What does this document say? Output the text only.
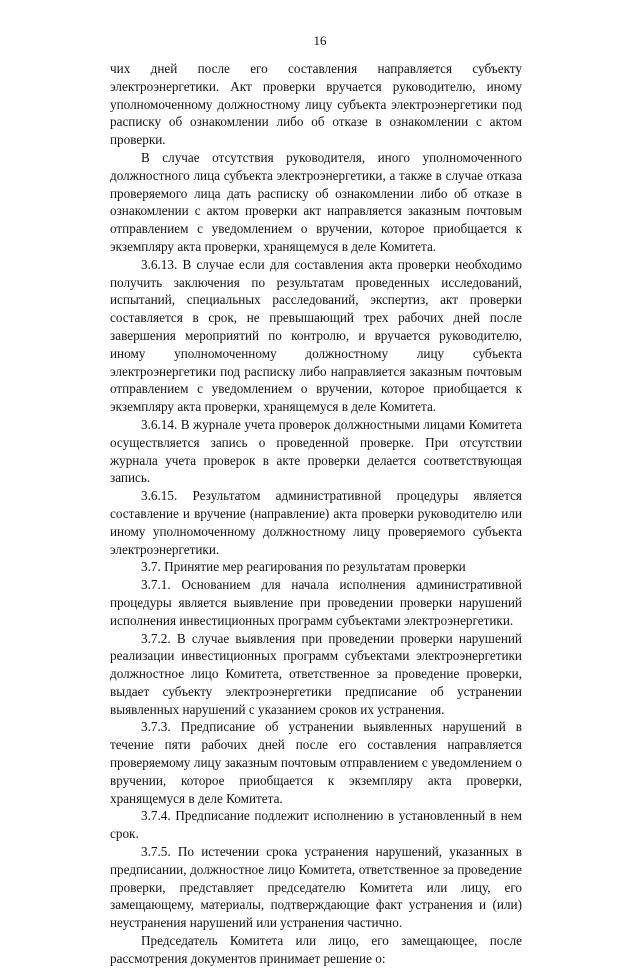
16

чих дней после его составления направляется субъекту электроэнергетики. Акт проверки вручается руководителю, иному уполномоченному должностному лицу субъекта электроэнергетики под расписку об ознакомлении либо об отказе в ознакомлении с актом проверки.

В случае отсутствия руководителя, иного уполномоченного должностного лица субъекта электроэнергетики, а также в случае отказа проверяемого лица дать расписку об ознакомлении либо об отказе в ознакомлении с актом проверки акт направляется заказным почтовым отправлением с уведомлением о вручении, которое приобщается к экземпляру акта проверки, хранящемуся в деле Комитета.

3.6.13. В случае если для составления акта проверки необходимо получить заключения по результатам проведенных исследований, испытаний, специальных расследований, экспертиз, акт проверки составляется в срок, не превышающий трех рабочих дней после завершения мероприятий по контролю, и вручается руководителю, иному уполномоченному должностному лицу субъекта электроэнергетики под расписку либо направляется заказным почтовым отправлением с уведомлением о вручении, которое приобщается к экземпляру акта проверки, хранящемуся в деле Комитета.

3.6.14. В журнале учета проверок должностными лицами Комитета осуществляется запись о проведенной проверке. При отсутствии журнала учета проверок в акте проверки делается соответствующая запись.

3.6.15. Результатом административной процедуры является составление и вручение (направление) акта проверки руководителю или иному уполномоченному должностному лицу проверяемого субъекта электроэнергетики.

3.7. Принятие мер реагирования по результатам проверки

3.7.1. Основанием для начала исполнения административной процедуры является выявление при проведении проверки нарушений исполнения инвестиционных программ субъектами электроэнергетики.

3.7.2. В случае выявления при проведении проверки нарушений реализации инвестиционных программ субъектами электроэнергетики должностное лицо Комитета, ответственное за проведение проверки, выдает субъекту электроэнергетики предписание об устранении выявленных нарушений с указанием сроков их устранения.

3.7.3. Предписание об устранении выявленных нарушений в течение пяти рабочих дней после его составления направляется проверяемому лицу заказным почтовым отправлением с уведомлением о вручении, которое приобщается к экземпляру акта проверки, хранящемуся в деле Комитета.

3.7.4. Предписание подлежит исполнению в установленный в нем срок.

3.7.5. По истечении срока устранения нарушений, указанных в предписании, должностное лицо Комитета, ответственное за проведение проверки, представляет председателю Комитета или лицу, его замещающему, материалы, подтверждающие факт устранения и (или) неустранения нарушений или устранения частично.

Председатель Комитета или лицо, его замещающее, после рассмотрения документов принимает решение о:
